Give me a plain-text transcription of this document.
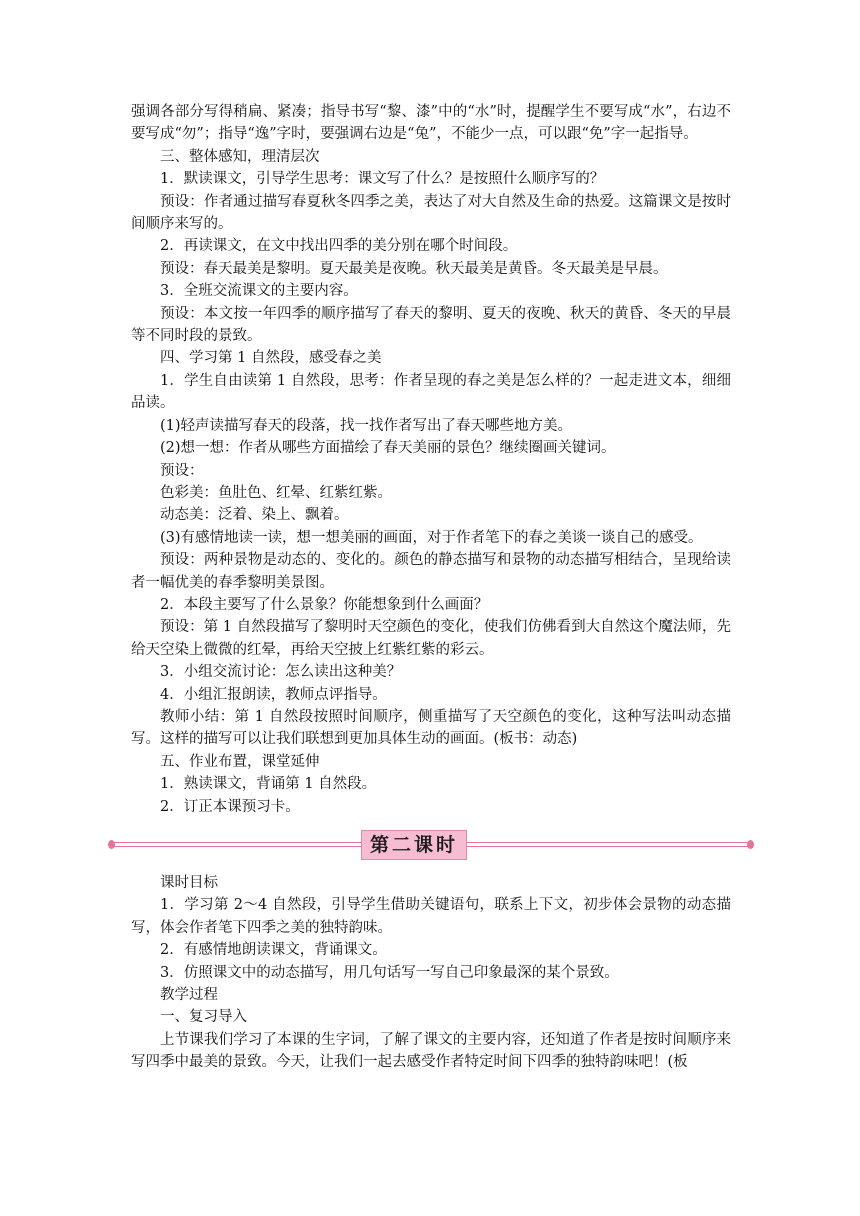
强调各部分写得稍扁、紧凑；指导书写“黎、漆”中的“水”时，提醒学生不要写成“水”，右边不要写成“勿”；指导“逸”字时，要强调右边是“兔”，不能少一点，可以跟“免”字一起指导。

三、整体感知，理清层次

1．默读课文，引导学生思考：课文写了什么？是按照什么顺序写的？

预设：作者通过描写春夏秋冬四季之美，表达了对大自然及生命的热爱。这篇课文是按时间顺序来写的。

2．再读课文，在文中找出四季的美分别在哪个时间段。

预设：春天最美是黎明。夏天最美是夜晚。秋天最美是黄昏。冬天最美是早晨。

3．全班交流课文的主要内容。

预设：本文按一年四季的顺序描写了春天的黎明、夏天的夜晚、秋天的黄昏、冬天的早晨等不同时段的景致。

四、学习第 1 自然段，感受春之美

1．学生自由读第 1 自然段，思考：作者呈现的春之美是怎么样的？一起走进文本，细细品读。

(1)轻声读描写春天的段落，找一找作者写出了春天哪些地方美。

(2)想一想：作者从哪些方面描绘了春天美丽的景色？继续圈画关键词。

预设：

色彩美：鱼肚色、红晕、红紫红紫。

动态美：泛着、染上、飘着。

(3)有感情地读一读，想一想美丽的画面，对于作者笔下的春之美谈一谈自己的感受。

预设：两种景物是动态的、变化的。颜色的静态描写和景物的动态描写相结合，呈现给读者一幅优美的春季黎明美景图。

2．本段主要写了什么景象？你能想象到什么画面？

预设：第 1 自然段描写了黎明时天空颜色的变化，使我们仿佛看到大自然这个魔法师，先给天空染上微微的红晕，再给天空披上红紫红紫的彩云。

3．小组交流讨论：怎么读出这种美？

4．小组汇报朗读，教师点评指导。

教师小结：第 1 自然段按照时间顺序，侧重描写了天空颜色的变化，这种写法叫动态描写。这样的描写可以让我们联想到更加具体生动的画面。(板书：动态)

五、作业布置，课堂延伸

1．熟读课文，背诵第 1 自然段。

2．订正本课预习卡。

第二课时

课时目标

1．学习第 2～4 自然段，引导学生借助关键语句，联系上下文，初步体会景物的动态描写，体会作者笔下四季之美的独特韵味。

2．有感情地朗读课文，背诵课文。

3．仿照课文中的动态描写，用几句话写一写自己印象最深的某个景致。

教学过程

一、复习导入

上节课我们学习了本课的生字词，了解了课文的主要内容，还知道了作者是按时间顺序来写四季中最美的景致。今天，让我们一起去感受作者特定时间下四季的独特韵味吧！(板
